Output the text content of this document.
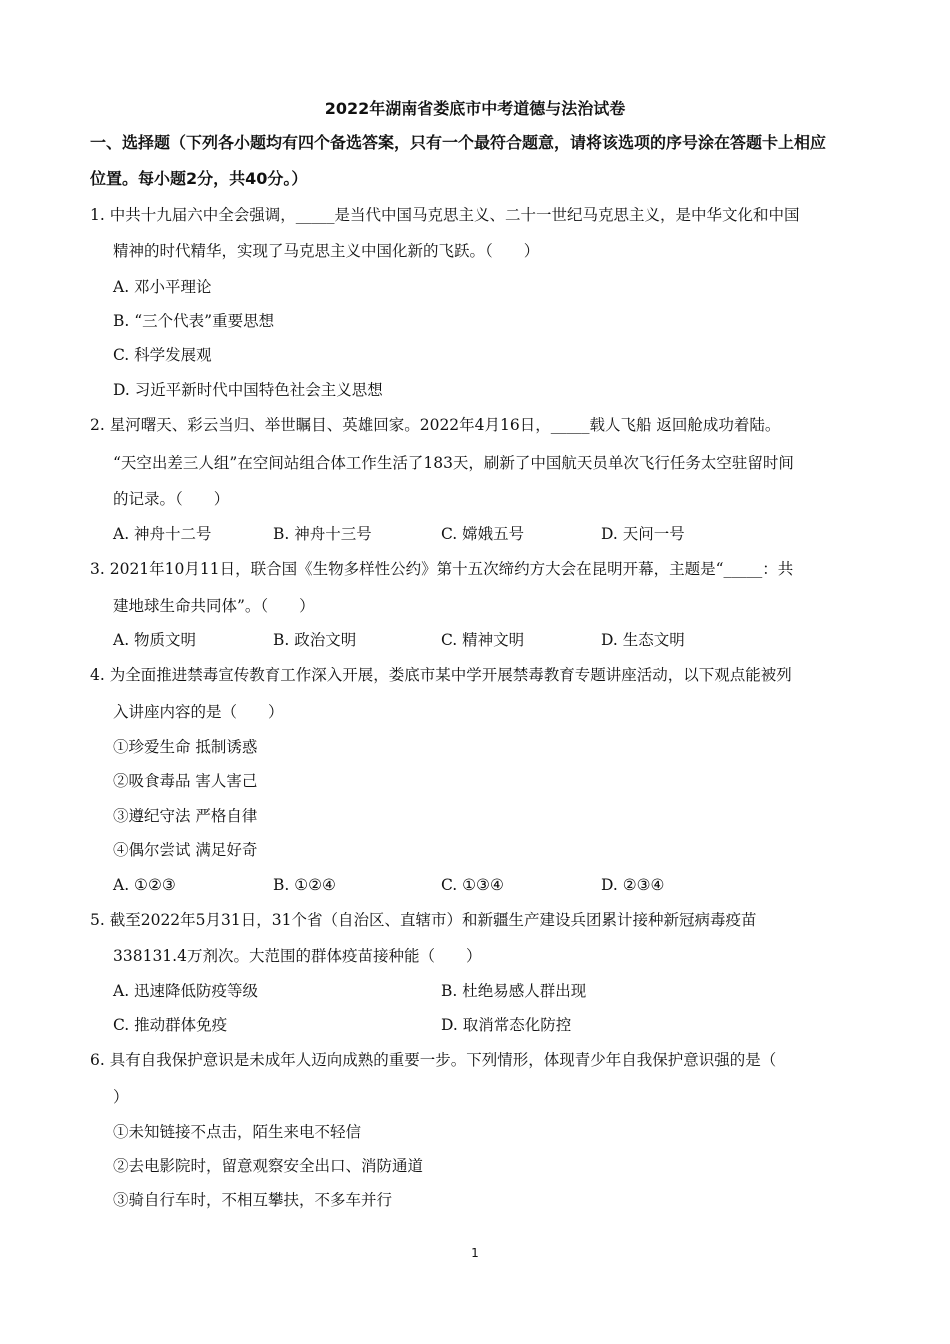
2022年湖南省娄底市中考道德与法治试卷
一、选择题（下列各小题均有四个备选答案，只有一个最符合题意，请将该选项的序号涂在答题卡上相应
位置。每小题2分，共40分。）
1. 中共十九届六中全会强调，_____是当代中国马克思主义、二十一世纪马克思主义，是中华文化和中国
精神的时代精华，实现了马克思主义中国化新的飞跃。（　　）
A. 邓小平理论
B. “三个代表”重要思想
C. 科学发展观
D. 习近平新时代中国特色社会主义思想
2. 星河曙天、彩云当归、举世瞩目、英雄回家。2022年4月16日，_____载人飞船 返回舱成功着陆。
“天空出差三人组”在空间站组合体工作生活了183天，刷新了中国航天员单次飞行任务太空驻留时间
的记录。（　　）
A. 神舟十二号	B. 神舟十三号	C. 嫦娥五号	D. 天问一号
3. 2021年10月11日，联合国《生物多样性公约》第十五次缔约方大会在昆明开幕，主题是“_____：共
建地球生命共同体”。（　　）
A. 物质文明	B. 政治文明	C. 精神文明	D. 生态文明
4. 为全面推进禁毒宣传教育工作深入开展，娄底市某中学开展禁毒教育专题讲座活动，以下观点能被列
入讲座内容的是（　　）
①珍爱生命 抵制诱惑
②吸食毒品 害人害己
③遵纪守法 严格自律
④偶尔尝试 满足好奇
A. ①②③	B. ①②④	C. ①③④	D. ②③④
5. 截至2022年5月31日，31个省（自治区、直辖市）和新疆生产建设兵团累计接种新冠病毒疫苗
338131.4万剂次。大范围的群体疫苗接种能（　　）
A. 迅速降低防疫等级	B. 杜绝易感人群出现
C. 推动群体免疫	D. 取消常态化防控
6. 具有自我保护意识是未成年人迈向成熟的重要一步。下列情形，体现青少年自我保护意识强的是（
）
①未知链接不点击，陌生来电不轻信
②去电影院时，留意观察安全出口、消防通道
③骑自行车时，不相互攀扶，不多车并行
1
